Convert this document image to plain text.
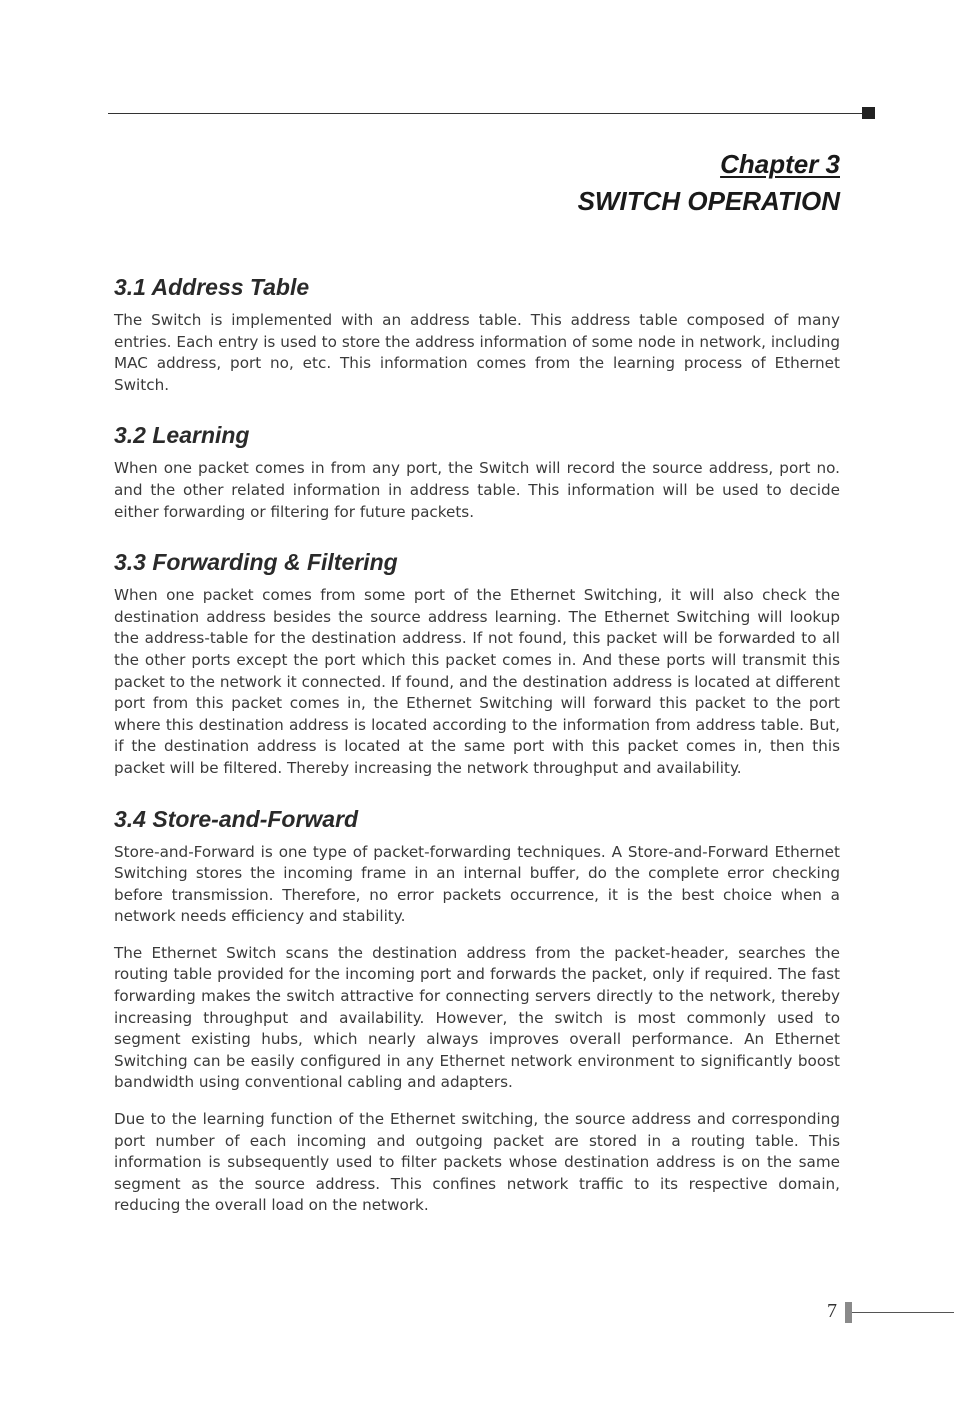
Chapter 3
SWITCH OPERATION
3.1 Address Table

The Switch is implemented with an address table. This address table composed of many entries. Each entry is used to store the address information of some node in network, including MAC address, port no, etc. This information comes from the learning process of Ethernet Switch.

3.2 Learning

When one packet comes in from any port, the Switch will record the source address, port no. and the other related information in address table. This information will be used to decide either forwarding or filtering for future packets.

3.3 Forwarding & Filtering

When one packet comes from some port of the Ethernet Switching, it will also check the destination address besides the source address learning. The Ethernet Switching will lookup the address-table for the destination address. If not found, this packet will be forwarded to all the other ports except the port which this packet comes in. And these ports will transmit this packet to the network it connected. If found, and the destination address is located at different port from this packet comes in, the Ethernet Switching will forward this packet to the port where this destination address is located according to the information from address table. But, if the destination address is located at the same port with this packet comes in, then this packet will be filtered. Thereby increasing the network throughput and availability.

3.4 Store-and-Forward

Store-and-Forward is one type of packet-forwarding techniques. A Store-and-Forward Ethernet Switching stores the incoming frame in an internal buffer, do the complete error checking before transmission. Therefore, no error packets occurrence, it is the best choice when a network needs efficiency and stability.

The Ethernet Switch scans the destination address from the packet-header, searches the routing table provided for the incoming port and forwards the packet, only if required. The fast forwarding makes the switch attractive for connecting servers directly to the network, thereby increasing throughput and availability. However, the switch is most commonly used to segment existing hubs, which nearly always improves overall performance. An Ethernet Switching can be easily configured in any Ethernet network environment to significantly boost bandwidth using conventional cabling and adapters.

Due to the learning function of the Ethernet switching, the source address and corresponding port number of each incoming and outgoing packet are stored in a routing table. This information is subsequently used to filter packets whose destination address is on the same segment as the source address. This confines network traffic to its respective domain, reducing the overall load on the network.

7
